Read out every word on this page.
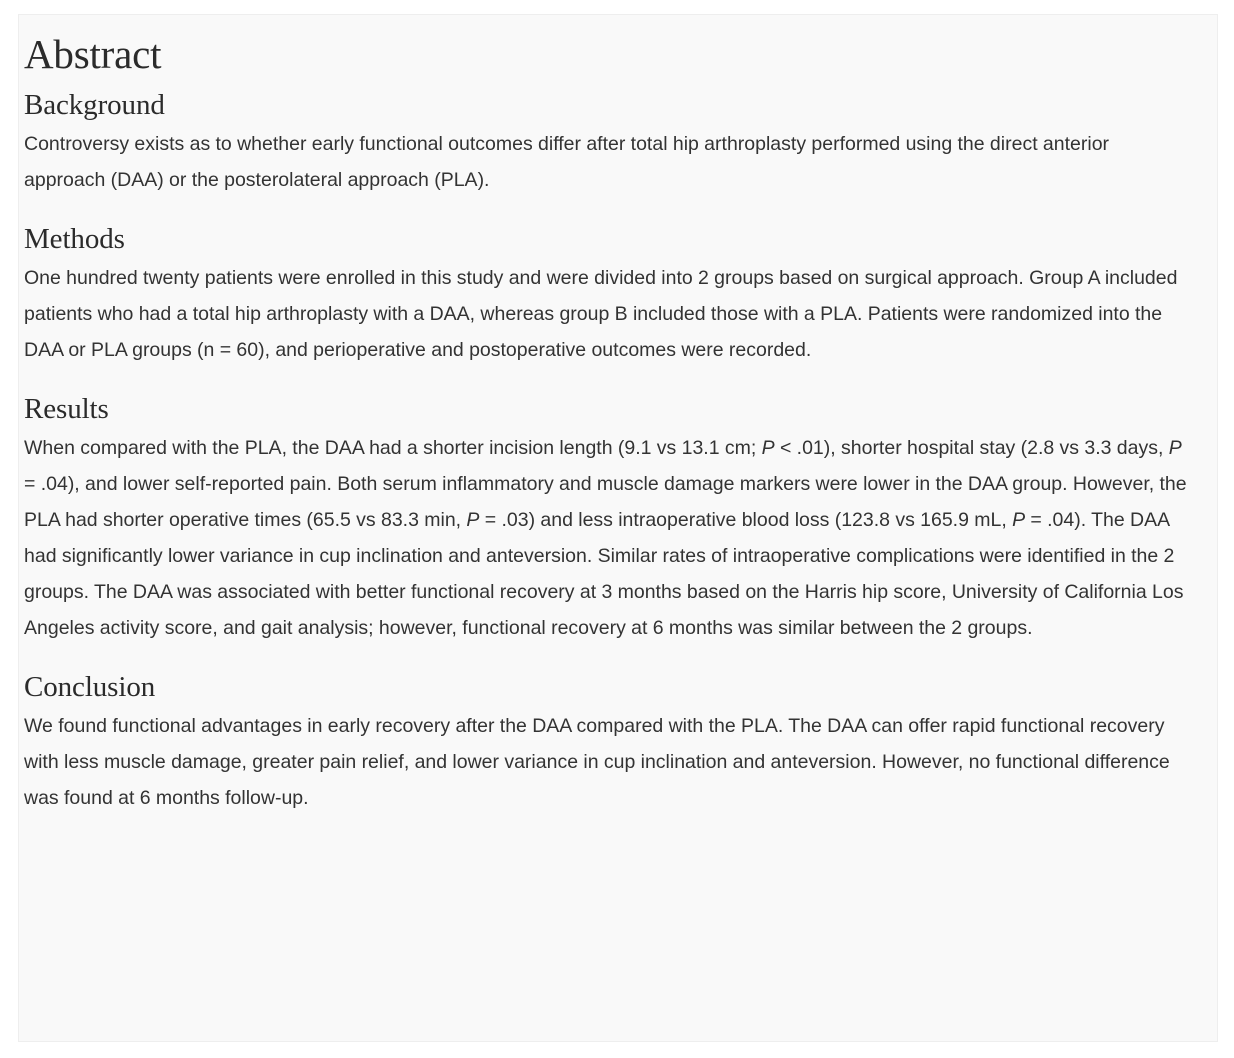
Abstract
Background

Controversy exists as to whether early functional outcomes differ after total hip arthroplasty performed using the direct anterior approach (DAA) or the posterolateral approach (PLA).

Methods

One hundred twenty patients were enrolled in this study and were divided into 2 groups based on surgical approach. Group A included patients who had a total hip arthroplasty with a DAA, whereas group B included those with a PLA. Patients were randomized into the DAA or PLA groups (n = 60), and perioperative and postoperative outcomes were recorded.

Results

When compared with the PLA, the DAA had a shorter incision length (9.1 vs 13.1 cm; P < .01), shorter hospital stay (2.8 vs 3.3 days, P = .04), and lower self-reported pain. Both serum inflammatory and muscle damage markers were lower in the DAA group. However, the PLA had shorter operative times (65.5 vs 83.3 min, P = .03) and less intraoperative blood loss (123.8 vs 165.9 mL, P = .04). The DAA had significantly lower variance in cup inclination and anteversion. Similar rates of intraoperative complications were identified in the 2 groups. The DAA was associated with better functional recovery at 3 months based on the Harris hip score, University of California Los Angeles activity score, and gait analysis; however, functional recovery at 6 months was similar between the 2 groups.

Conclusion

We found functional advantages in early recovery after the DAA compared with the PLA. The DAA can offer rapid functional recovery with less muscle damage, greater pain relief, and lower variance in cup inclination and anteversion. However, no functional difference was found at 6 months follow-up.
